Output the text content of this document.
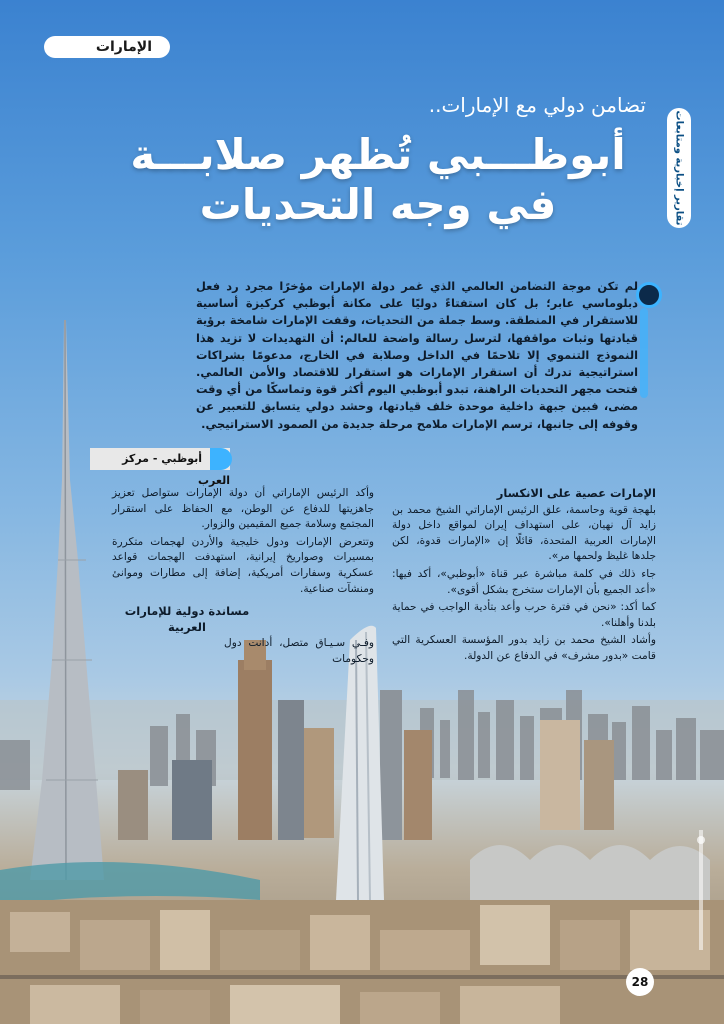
الإمارات
تقارير إخبارية ومتابعات
تضامن دولي مع الإمارات..
أبوظـــبي تُظهر صلابـــة
في وجه التحديات
لم تكن موجة التضامن العالمي الذي غمر دولة الإمارات مؤخرًا مجرد رد فعل دبلوماسي عابر؛ بل كان استفتاءً دوليًا على مكانة أبوظبي كركيزة أساسية للاستقرار في المنطقة. وسط جملة من التحديات، وقفت الإمارات شامخة برؤية قيادتها وثبات مواقفها، لترسل رسالة واضحة للعالم: أن التهديدات لا تزيد هذا النموذج التنموي إلا تلاحمًا في الداخل وصلابة في الخارج، مدعومًا بشراكات استراتيجية تدرك أن استقرار الإمارات هو استقرار للاقتصاد والأمن العالمي. فتحت مجهر التحديات الراهنة، تبدو أبوظبي اليوم أكثر قوة وتماسكًا من أي وقت مضى، فبين جبهة داخلية موحدة خلف قيادتها، وحشد دولي يتسابق للتعبير عن وقوفه إلى جانبها، ترسم الإمارات ملامح مرحلة جديدة من الصمود الاستراتيجي.
أبوظبي - مركز العرب
الإمارات عصية على الانكسار

بلهجة قوية وحاسمة، علق الرئيس الإماراتي الشيخ محمد بن زايد آل نهيان، على استهداف إيران لمواقع داخل دولة الإمارات العربية المتحدة، قائلًا إن «الإمارات قدوة، لكن جلدها غليظ ولحمها مر».

جاء ذلك في كلمة مباشرة عبر قناة «أبوظبي»، أكد فيها: «أعد الجميع بأن الإمارات ستخرج بشكل أقوى».

كما أكد: «نحن في فترة حرب وأعد بتأدية الواجب في حماية بلدنا وأهلنا».

وأشاد الشيخ محمد بن زايد بدور المؤسسة العسكرية التي قامت «بدور مشرف» في الدفاع عن الدولة.

وأكد الرئيس الإماراتي أن دولة الإمارات ستواصل تعزيز جاهزيتها للدفاع عن الوطن، مع الحفاظ على استقرار المجتمع وسلامة جميع المقيمين والزوار.

وتتعرض الإمارات ودول خليجية والأردن لهجمات متكررة بمسيرات وصواريخ إيرانية، استهدفت الهجمات قواعد عسكرية وسفارات أمريكية، إضافة إلى مطارات وموانئ ومنشآت صناعية.

مساندة دولية للإمارات العربية

وفـي سـيـاق متصل، أدانت دول وحكومات

28
